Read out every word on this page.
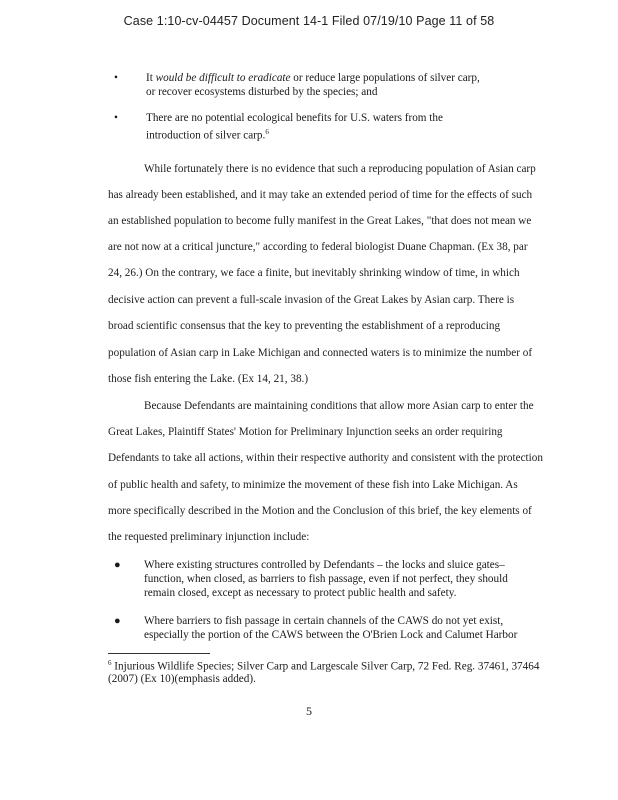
Case 1:10-cv-04457 Document 14-1 Filed 07/19/10 Page 11 of 58
•	It would be difficult to eradicate or reduce large populations of silver carp,
or recover ecosystems disturbed by the species; and
•	There are no potential ecological benefits for U.S. waters from the
introduction of silver carp.$^6$
While fortunately there is no evidence that such a reproducing population of Asian carp
has already been established, and it may take an extended period of time for the effects of such
an established population to become fully manifest in the Great Lakes, "that does not mean we
are not now at a critical juncture," according to federal biologist Duane Chapman. (Ex 38, par
24, 26.) On the contrary, we face a finite, but inevitably shrinking window of time, in which
decisive action can prevent a full-scale invasion of the Great Lakes by Asian carp. There is
broad scientific consensus that the key to preventing the establishment of a reproducing
population of Asian carp in Lake Michigan and connected waters is to minimize the number of
those fish entering the Lake. (Ex 14, 21, 38.)
Because Defendants are maintaining conditions that allow more Asian carp to enter the
Great Lakes, Plaintiff States' Motion for Preliminary Injunction seeks an order requiring
Defendants to take all actions, within their respective authority and consistent with the protection
of public health and safety, to minimize the movement of these fish into Lake Michigan. As
more specifically described in the Motion and the Conclusion of this brief, the key elements of
the requested preliminary injunction include:
● Where existing structures controlled by Defendants – the locks and sluice gates–
function, when closed, as barriers to fish passage, even if not perfect, they should
remain closed, except as necessary to protect public health and safety.
● Where barriers to fish passage in certain channels of the CAWS do not yet exist,
especially the portion of the CAWS between the O'Brien Lock and Calumet Harbor
$^6$ Injurious Wildlife Species; Silver Carp and Largescale Silver Carp, 72 Fed. Reg. 37461, 37464
(2007) (Ex 10)(emphasis added).
5
